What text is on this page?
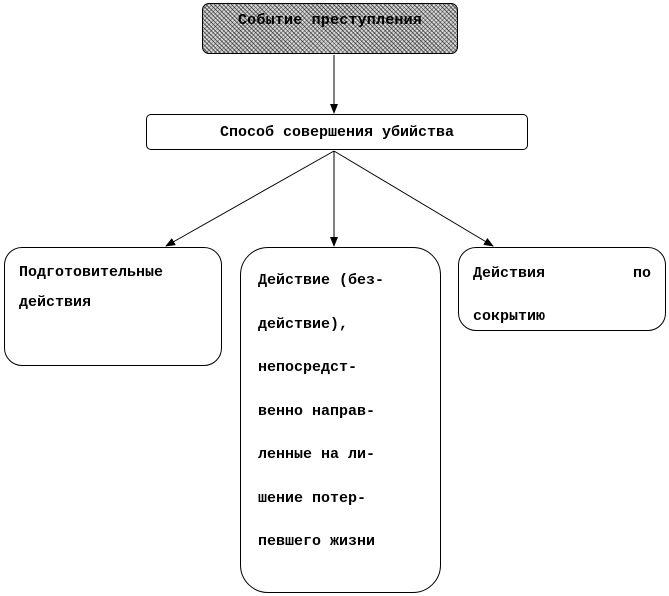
Событие преступления
Способ совершения убийства
Подготовительные
действия
Действие (без-
действие),
непосредст-
венно направ-
ленные на ли-
шение потер-
певшего жизни
Действия	по
сокрытию
